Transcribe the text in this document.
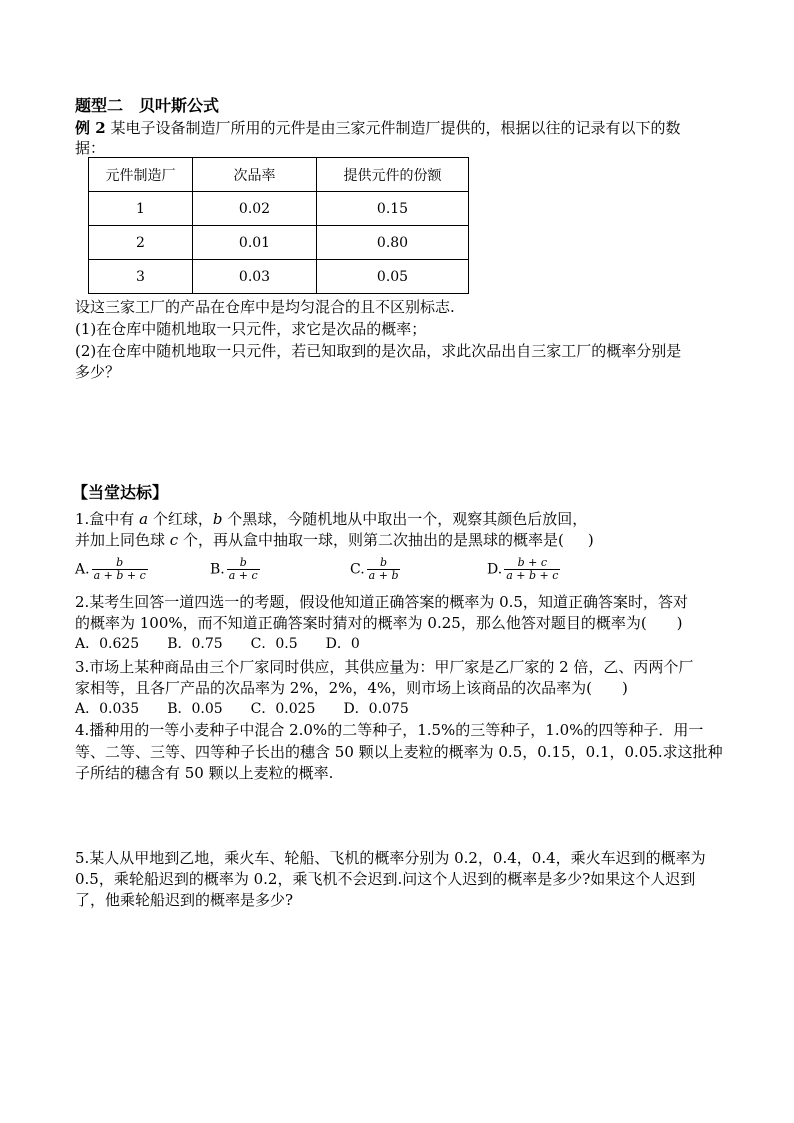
题型二　贝叶斯公式
例 2 某电子设备制造厂所用的元件是由三家元件制造厂提供的，根据以往的记录有以下的数
据：
元件制造厂	次品率	提供元件的份额
1	0.02	0.15
2	0.01	0.80
3	0.03	0.05
设这三家工厂的产品在仓库中是均匀混合的且不区别标志.
(1)在仓库中随机地取一只元件，求它是次品的概率；
(2)在仓库中随机地取一只元件，若已知取到的是次品，求此次品出自三家工厂的概率分别是
多少？
【当堂达标】
1.盒中有 a 个红球，b 个黑球，今随机地从中取出一个，观察其颜色后放回，
并加上同色球 c 个，再从盒中抽取一球，则第二次抽出的是黑球的概率是( )
A. $\frac{b}{a + b + c}$	B. $\frac{b}{a + c}$	C. $\frac{b}{a + b}$	D. $\frac{b + c}{a + b + c}$
2.某考生回答一道四选一的考题，假设他知道正确答案的概率为 0.5，知道正确答案时，答对
的概率为 100%，而不知道正确答案时猜对的概率为 0.25，那么他答对题目的概率为(　　)
A．0.625　　B．0.75　　C．0.5　　D．0
3.市场上某种商品由三个厂家同时供应，其供应量为：甲厂家是乙厂家的 2 倍，乙、丙两个厂
家相等，且各厂产品的次品率为 2%，2%，4%，则市场上该商品的次品率为(　　)
A．0.035　　B．0.05　　C．0.025　　D．0.075
4.播种用的一等小麦种子中混合 2.0%的二等种子，1.5%的三等种子，1.0%的四等种子．用一
等、二等、三等、四等种子长出的穗含 50 颗以上麦粒的概率为 0.5，0.15，0.1，0.05.求这批种
子所结的穗含有 50 颗以上麦粒的概率.
5.某人从甲地到乙地，乘火车、轮船、飞机的概率分别为 0.2，0.4，0.4，乘火车迟到的概率为
0.5，乘轮船迟到的概率为 0.2，乘飞机不会迟到.问这个人迟到的概率是多少?如果这个人迟到
了，他乘轮船迟到的概率是多少?
